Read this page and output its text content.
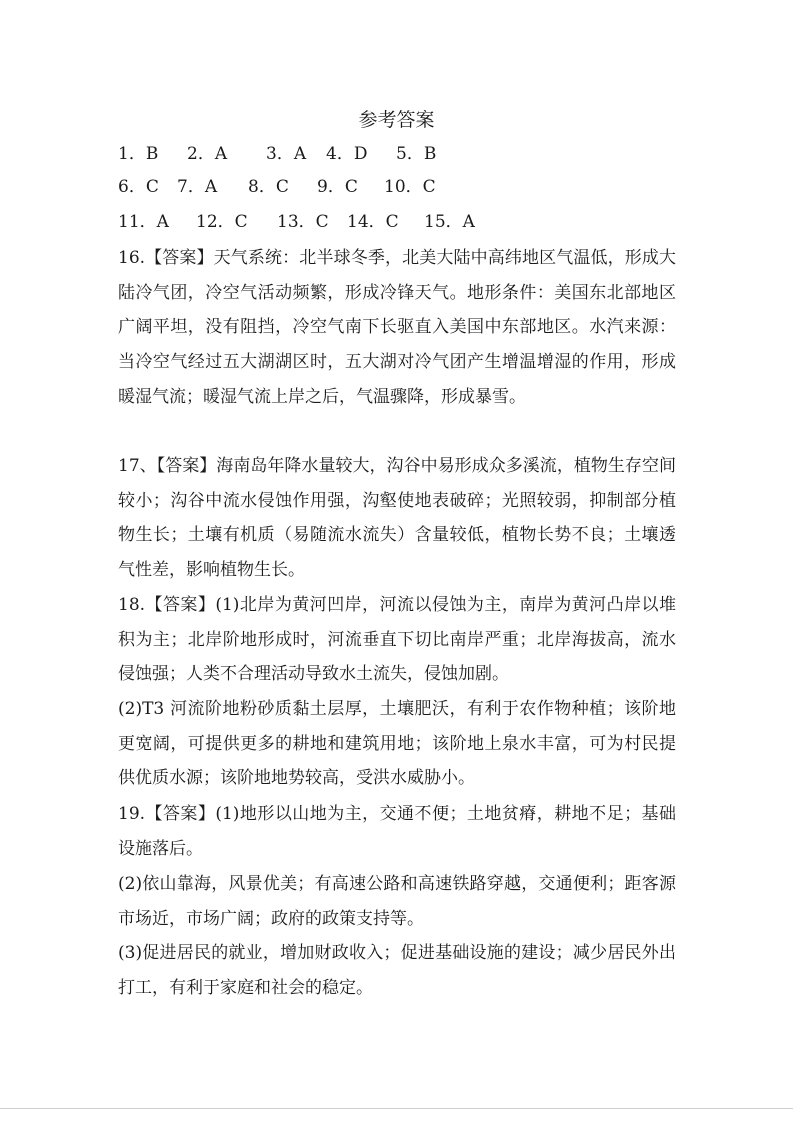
参考答案
1．B 2．A 3．A 4．D 5．B
6．C 7．A 8．C 9．C 10．C
11．A 12．C 13．C 14．C 15．A
16.【答案】天气系统：北半球冬季，北美大陆中高纬地区气温低，形成大陆冷气团，冷空气活动频繁，形成冷锋天气。地形条件：美国东北部地区广阔平坦，没有阻挡，冷空气南下长驱直入美国中东部地区。水汽来源：当冷空气经过五大湖湖区时，五大湖对冷气团产生增温增湿的作用，形成暖湿气流；暖湿气流上岸之后，气温骤降，形成暴雪。
17、【答案】海南岛年降水量较大，沟谷中易形成众多溪流，植物生存空间较小；沟谷中流水侵蚀作用强，沟壑使地表破碎；光照较弱，抑制部分植物生长；土壤有机质（易随流水流失）含量较低，植物长势不良；土壤透气性差，影响植物生长。
18.【答案】(1)北岸为黄河凹岸，河流以侵蚀为主，南岸为黄河凸岸以堆积为主；北岸阶地形成时，河流垂直下切比南岸严重；北岸海拔高，流水侵蚀强；人类不合理活动导致水土流失，侵蚀加剧。
(2)T3 河流阶地粉砂质黏土层厚，土壤肥沃，有利于农作物种植；该阶地更宽阔，可提供更多的耕地和建筑用地；该阶地上泉水丰富，可为村民提供优质水源；该阶地地势较高，受洪水威胁小。
19.【答案】(1)地形以山地为主，交通不便；土地贫瘠，耕地不足；基础设施落后。
(2)依山靠海，风景优美；有高速公路和高速铁路穿越，交通便利；距客源市场近，市场广阔；政府的政策支持等。
(3)促进居民的就业，增加财政收入；促进基础设施的建设；减少居民外出打工，有利于家庭和社会的稳定。
